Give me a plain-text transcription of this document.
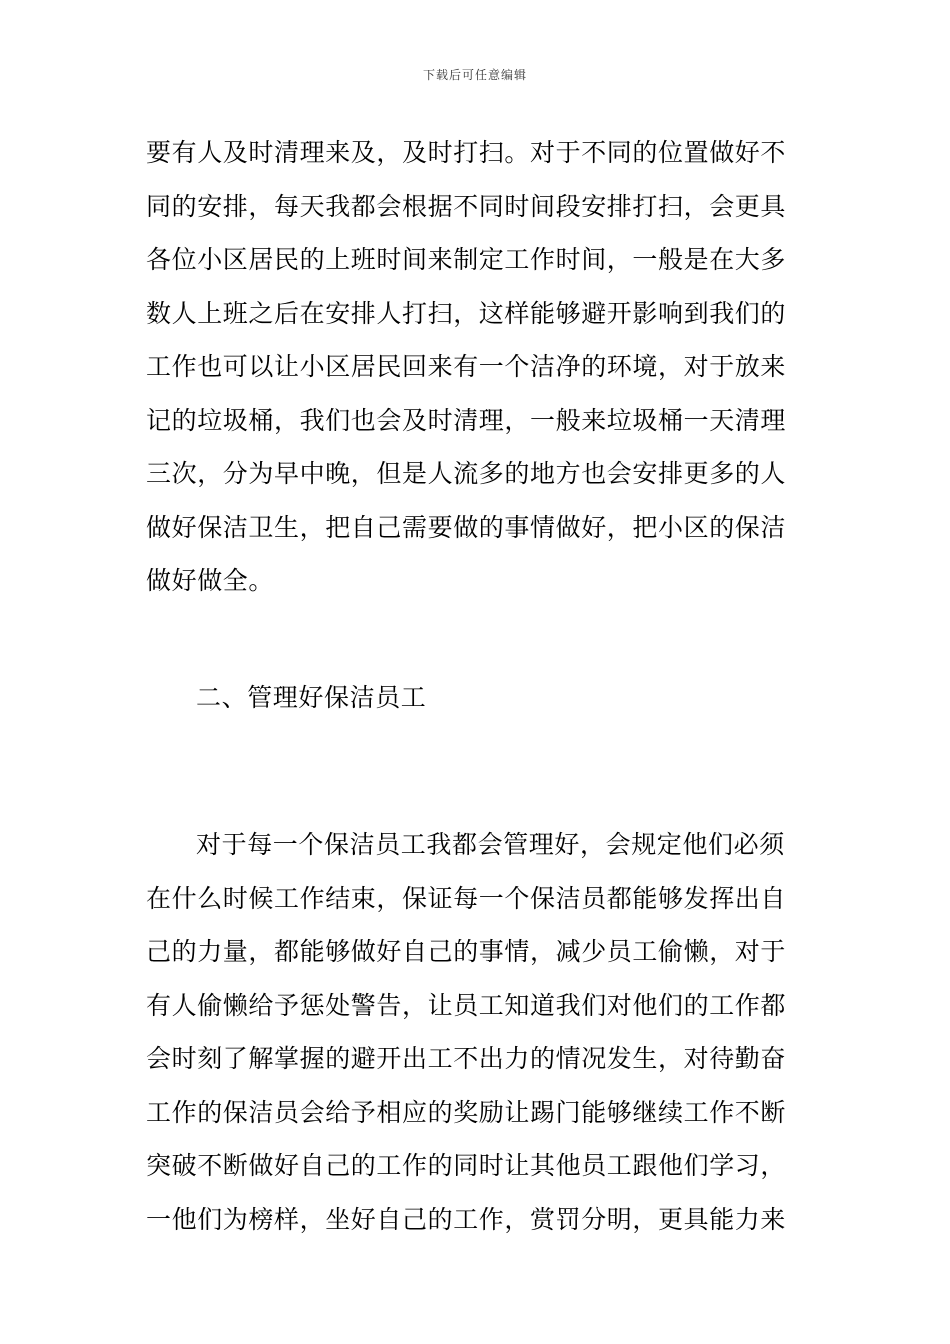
下载后可任意编辑
要有人及时清理来及，及时打扫。对于不同的位置做好不
同的安排，每天我都会根据不同时间段安排打扫，会更具
各位小区居民的上班时间来制定工作时间，一般是在大多
数人上班之后在安排人打扫，这样能够避开影响到我们的
工作也可以让小区居民回来有一个洁净的环境，对于放来
记的垃圾桶，我们也会及时清理，一般来垃圾桶一天清理
三次，分为早中晚，但是人流多的地方也会安排更多的人
做好保洁卫生，把自己需要做的事情做好，把小区的保洁
做好做全。
二、管理好保洁员工
对于每一个保洁员工我都会管理好，会规定他们必须
在什么时候工作结束，保证每一个保洁员都能够发挥出自
己的力量，都能够做好自己的事情，减少员工偷懒，对于
有人偷懒给予惩处警告，让员工知道我们对他们的工作都
会时刻了解掌握的避开出工不出力的情况发生，对待勤奋
工作的保洁员会给予相应的奖励让踢门能够继续工作不断
突破不断做好自己的工作的同时让其他员工跟他们学习，
一他们为榜样，坐好自己的工作，赏罚分明，更具能力来
